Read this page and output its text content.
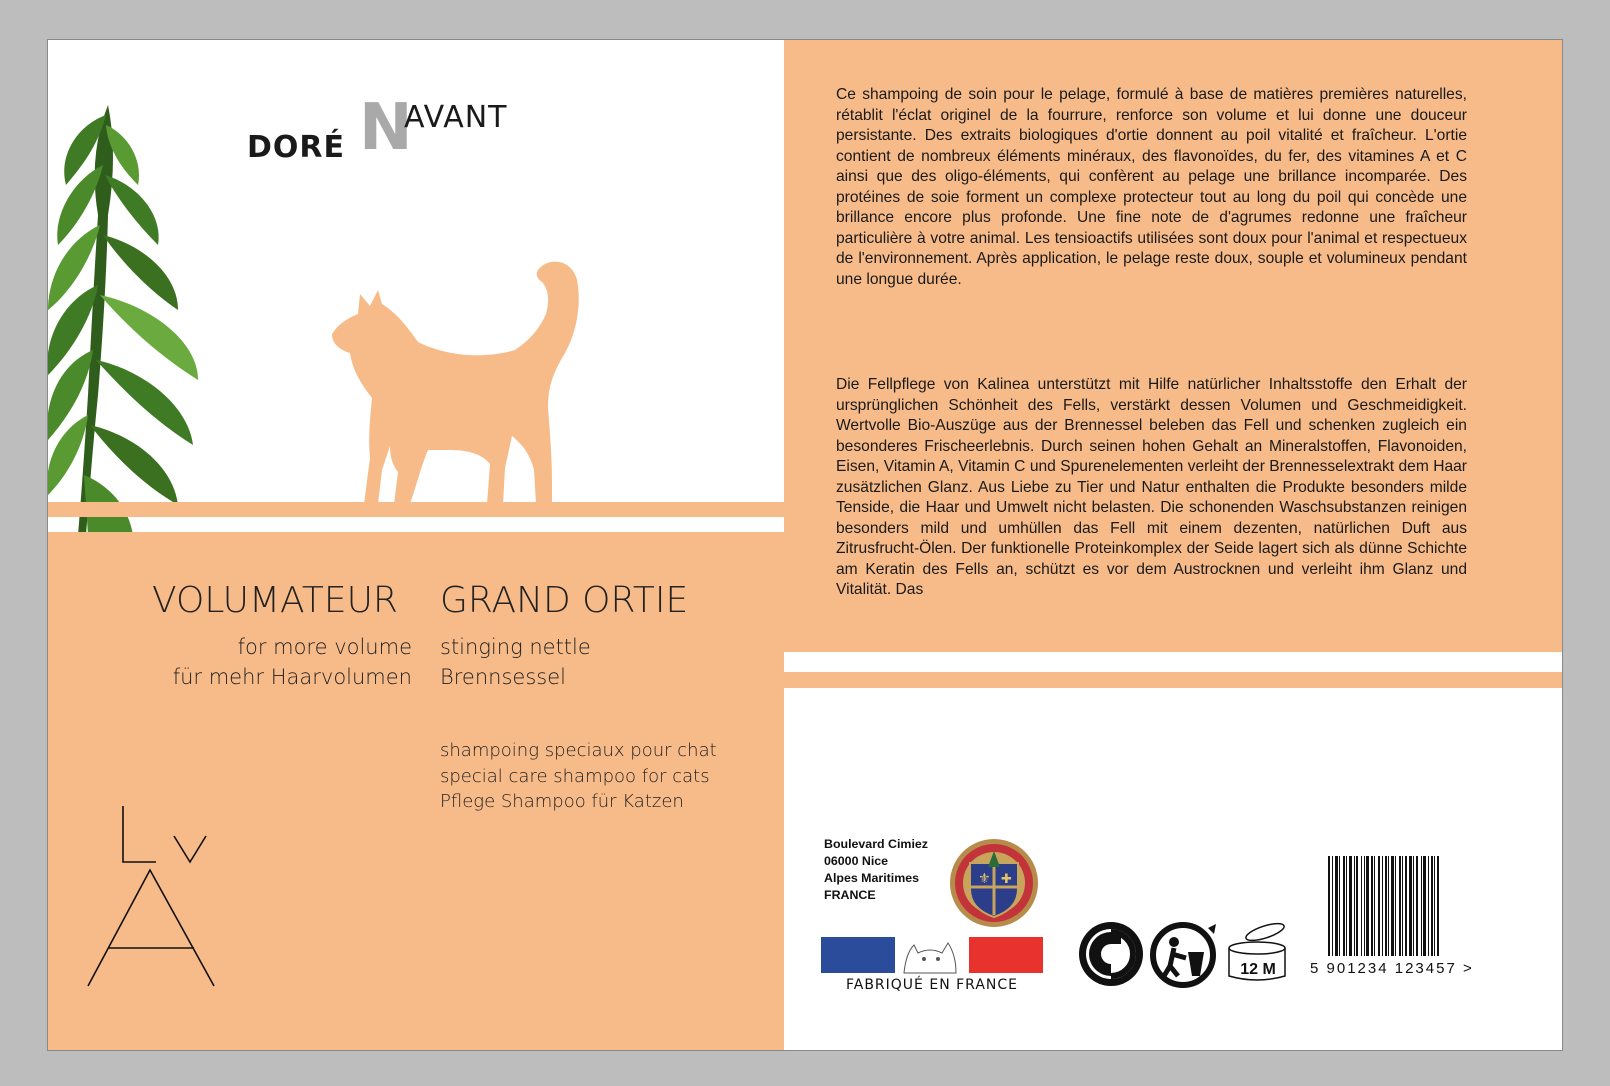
N
DORÉ
AVANT
VOLUMATEUR GRAND ORTIE
for more volume
für mehr Haarvolumen
stinging nettle
Brennsessel
shampoing speciaux pour chat
special care shampoo for cats
Pflege Shampoo für Katzen
Ce shampoing de soin pour le pelage, formulé à base de matières premières naturelles, rétablit l'éclat originel de la fourrure, renforce son volume et lui donne une douceur persistante. Des extraits biologiques d'ortie donnent au poil vitalité et fraîcheur. L'ortie contient de nombreux éléments minéraux, des flavonoïdes, du fer, des vitamines A et C ainsi que des oligo-éléments, qui confèrent au pelage une brillance incomparée. Des protéines de soie forment un complexe protecteur tout au long du poil qui concède une brillance encore plus profonde. Une fine note de d'agrumes redonne une fraîcheur particulière à votre animal. Les tensioactifs utilisées sont doux pour l'animal et respectueux de l'environnement. Après application, le pelage reste doux, souple et volumineux pendant une longue durée.
Die Fellpflege von Kalinea unterstützt mit Hilfe natürlicher Inhaltsstoffe den Erhalt der ursprünglichen Schönheit des Fells, verstärkt dessen Volumen und Geschmeidigkeit. Wertvolle Bio-Auszüge aus der Brennessel beleben das Fell und schenken zugleich ein besonderes Frischeerlebnis. Durch seinen hohen Gehalt an Mineralstoffen, Flavonoiden, Eisen, Vitamin A, Vitamin C und Spurenelementen verleiht der Brennesselextrakt dem Haar zusätzlichen Glanz. Aus Liebe zu Tier und Natur enthalten die Produkte besonders milde Tenside, die Haar und Umwelt nicht belasten. Die schonenden Waschsubstanzen reinigen besonders mild und umhüllen das Fell mit einem dezenten, natürlichen Duft aus Zitrusfrucht-Ölen. Der funktionelle Proteinkomplex der Seide lagert sich als dünne Schichte am Keratin des Fells an, schützt es vor dem Austrocknen und verleiht ihm Glanz und Vitalität. Das
Boulevard Cimiez
06000 Nice
Alpes Maritimes
FRANCE
⚜ ✚
FABRIQUÉ EN FRANCE
12 M	5 901234 123457 >
